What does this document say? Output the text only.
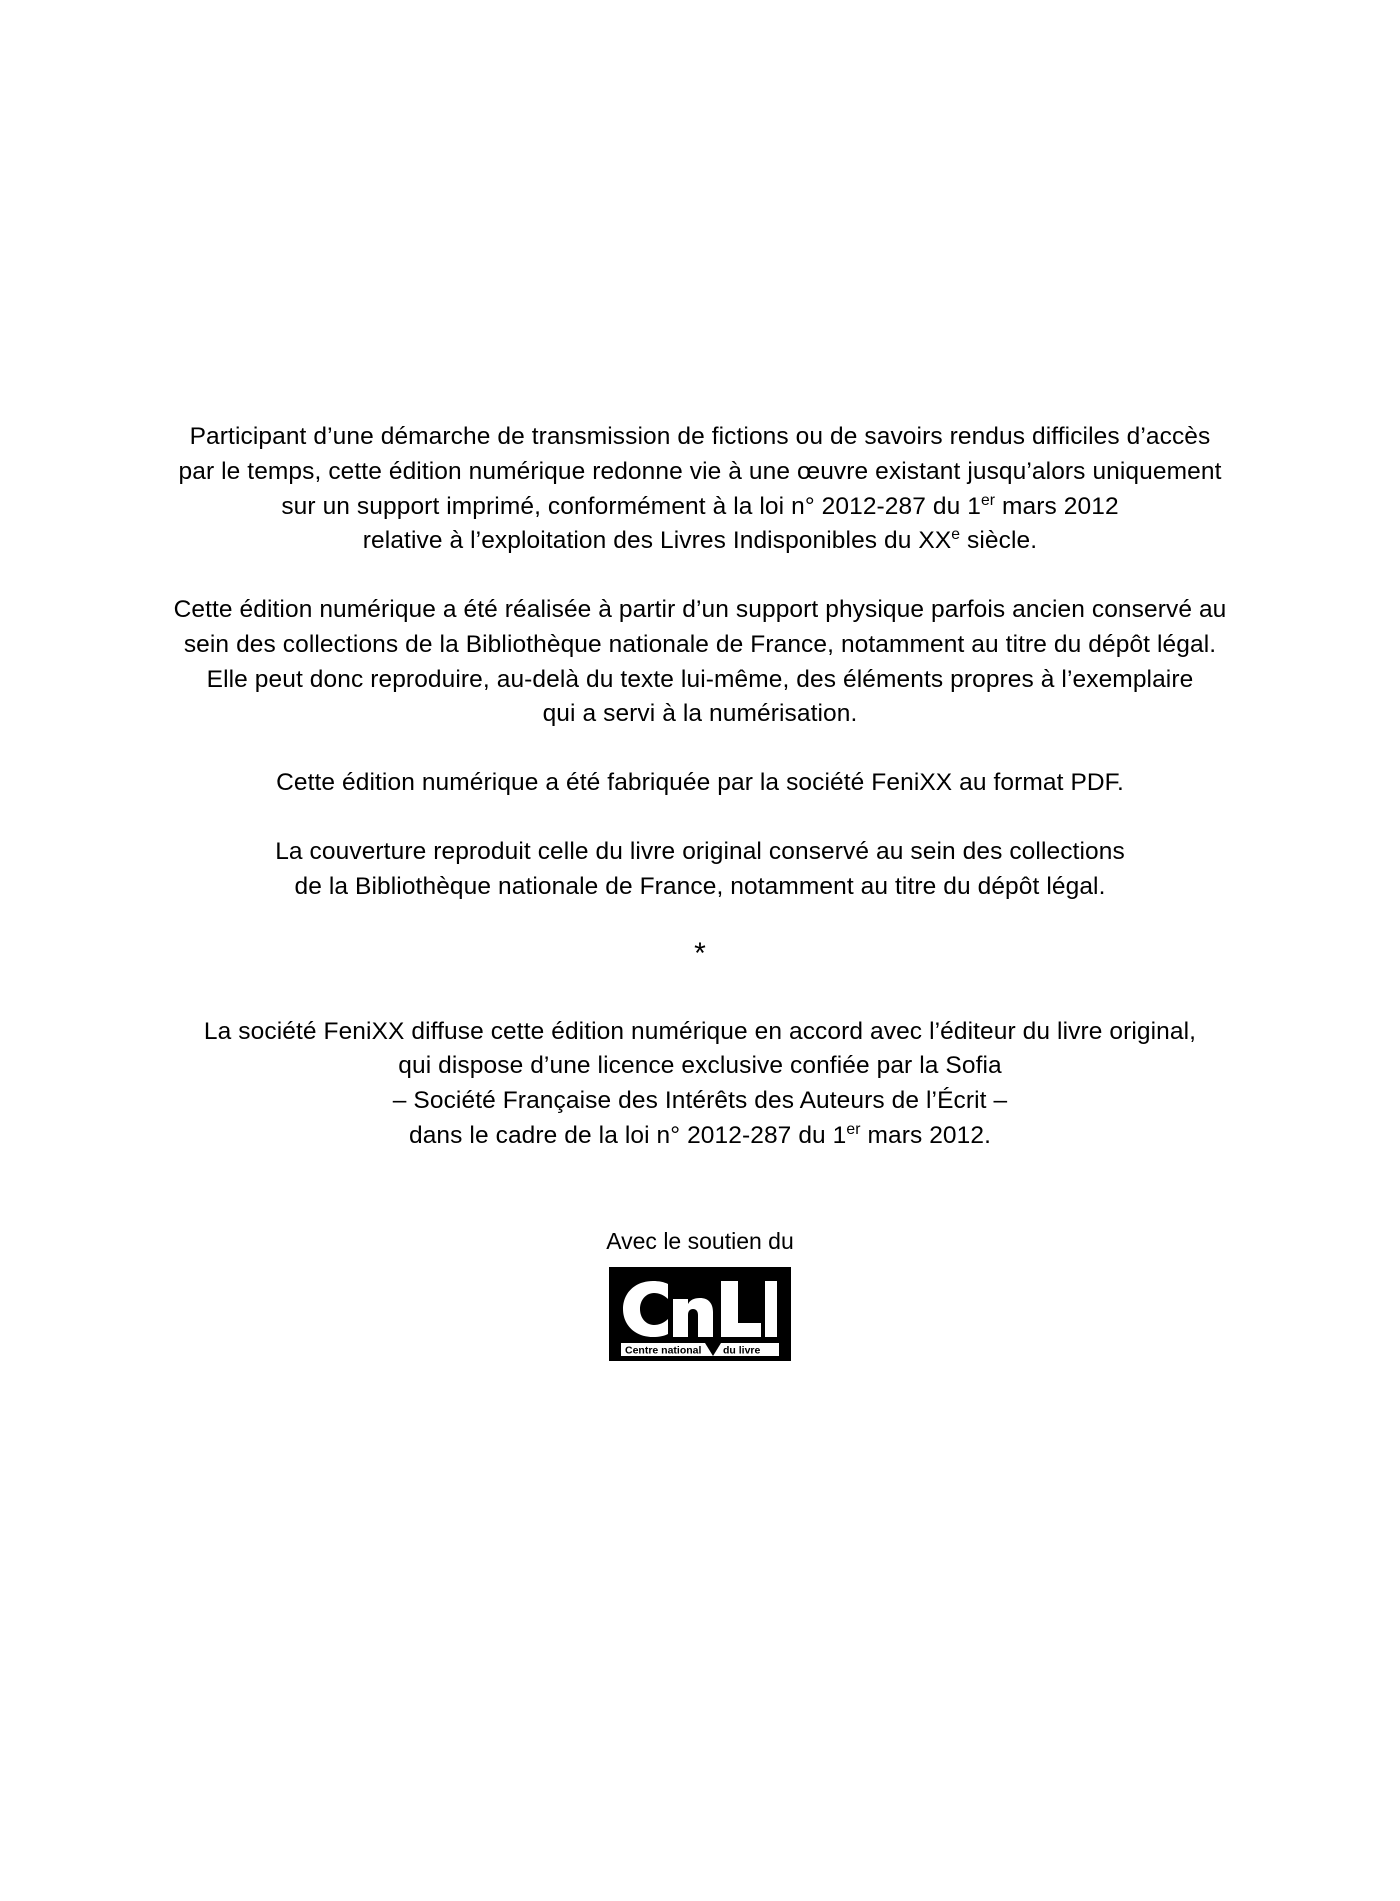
Participant d’une démarche de transmission de fictions ou de savoirs rendus difficiles d’accès
par le temps, cette édition numérique redonne vie à une œuvre existant jusqu’alors uniquement
sur un support imprimé, conformément à la loi n° 2012-287 du 1er mars 2012
relative à l’exploitation des Livres Indisponibles du XXe siècle.

Cette édition numérique a été réalisée à partir d’un support physique parfois ancien conservé au
sein des collections de la Bibliothèque nationale de France, notamment au titre du dépôt légal.
Elle peut donc reproduire, au-delà du texte lui-même, des éléments propres à l’exemplaire
qui a servi à la numérisation.

Cette édition numérique a été fabriquée par la société FeniXX au format PDF.

La couverture reproduit celle du livre original conservé au sein des collections
de la Bibliothèque nationale de France, notamment au titre du dépôt légal.

*

La société FeniXX diffuse cette édition numérique en accord avec l’éditeur du livre original,
qui dispose d’une licence exclusive confiée par la Sofia
– Société Française des Intérêts des Auteurs de l’Écrit –
dans le cadre de la loi n° 2012-287 du 1er mars 2012.

Avec le soutien du

Centre national du livre
